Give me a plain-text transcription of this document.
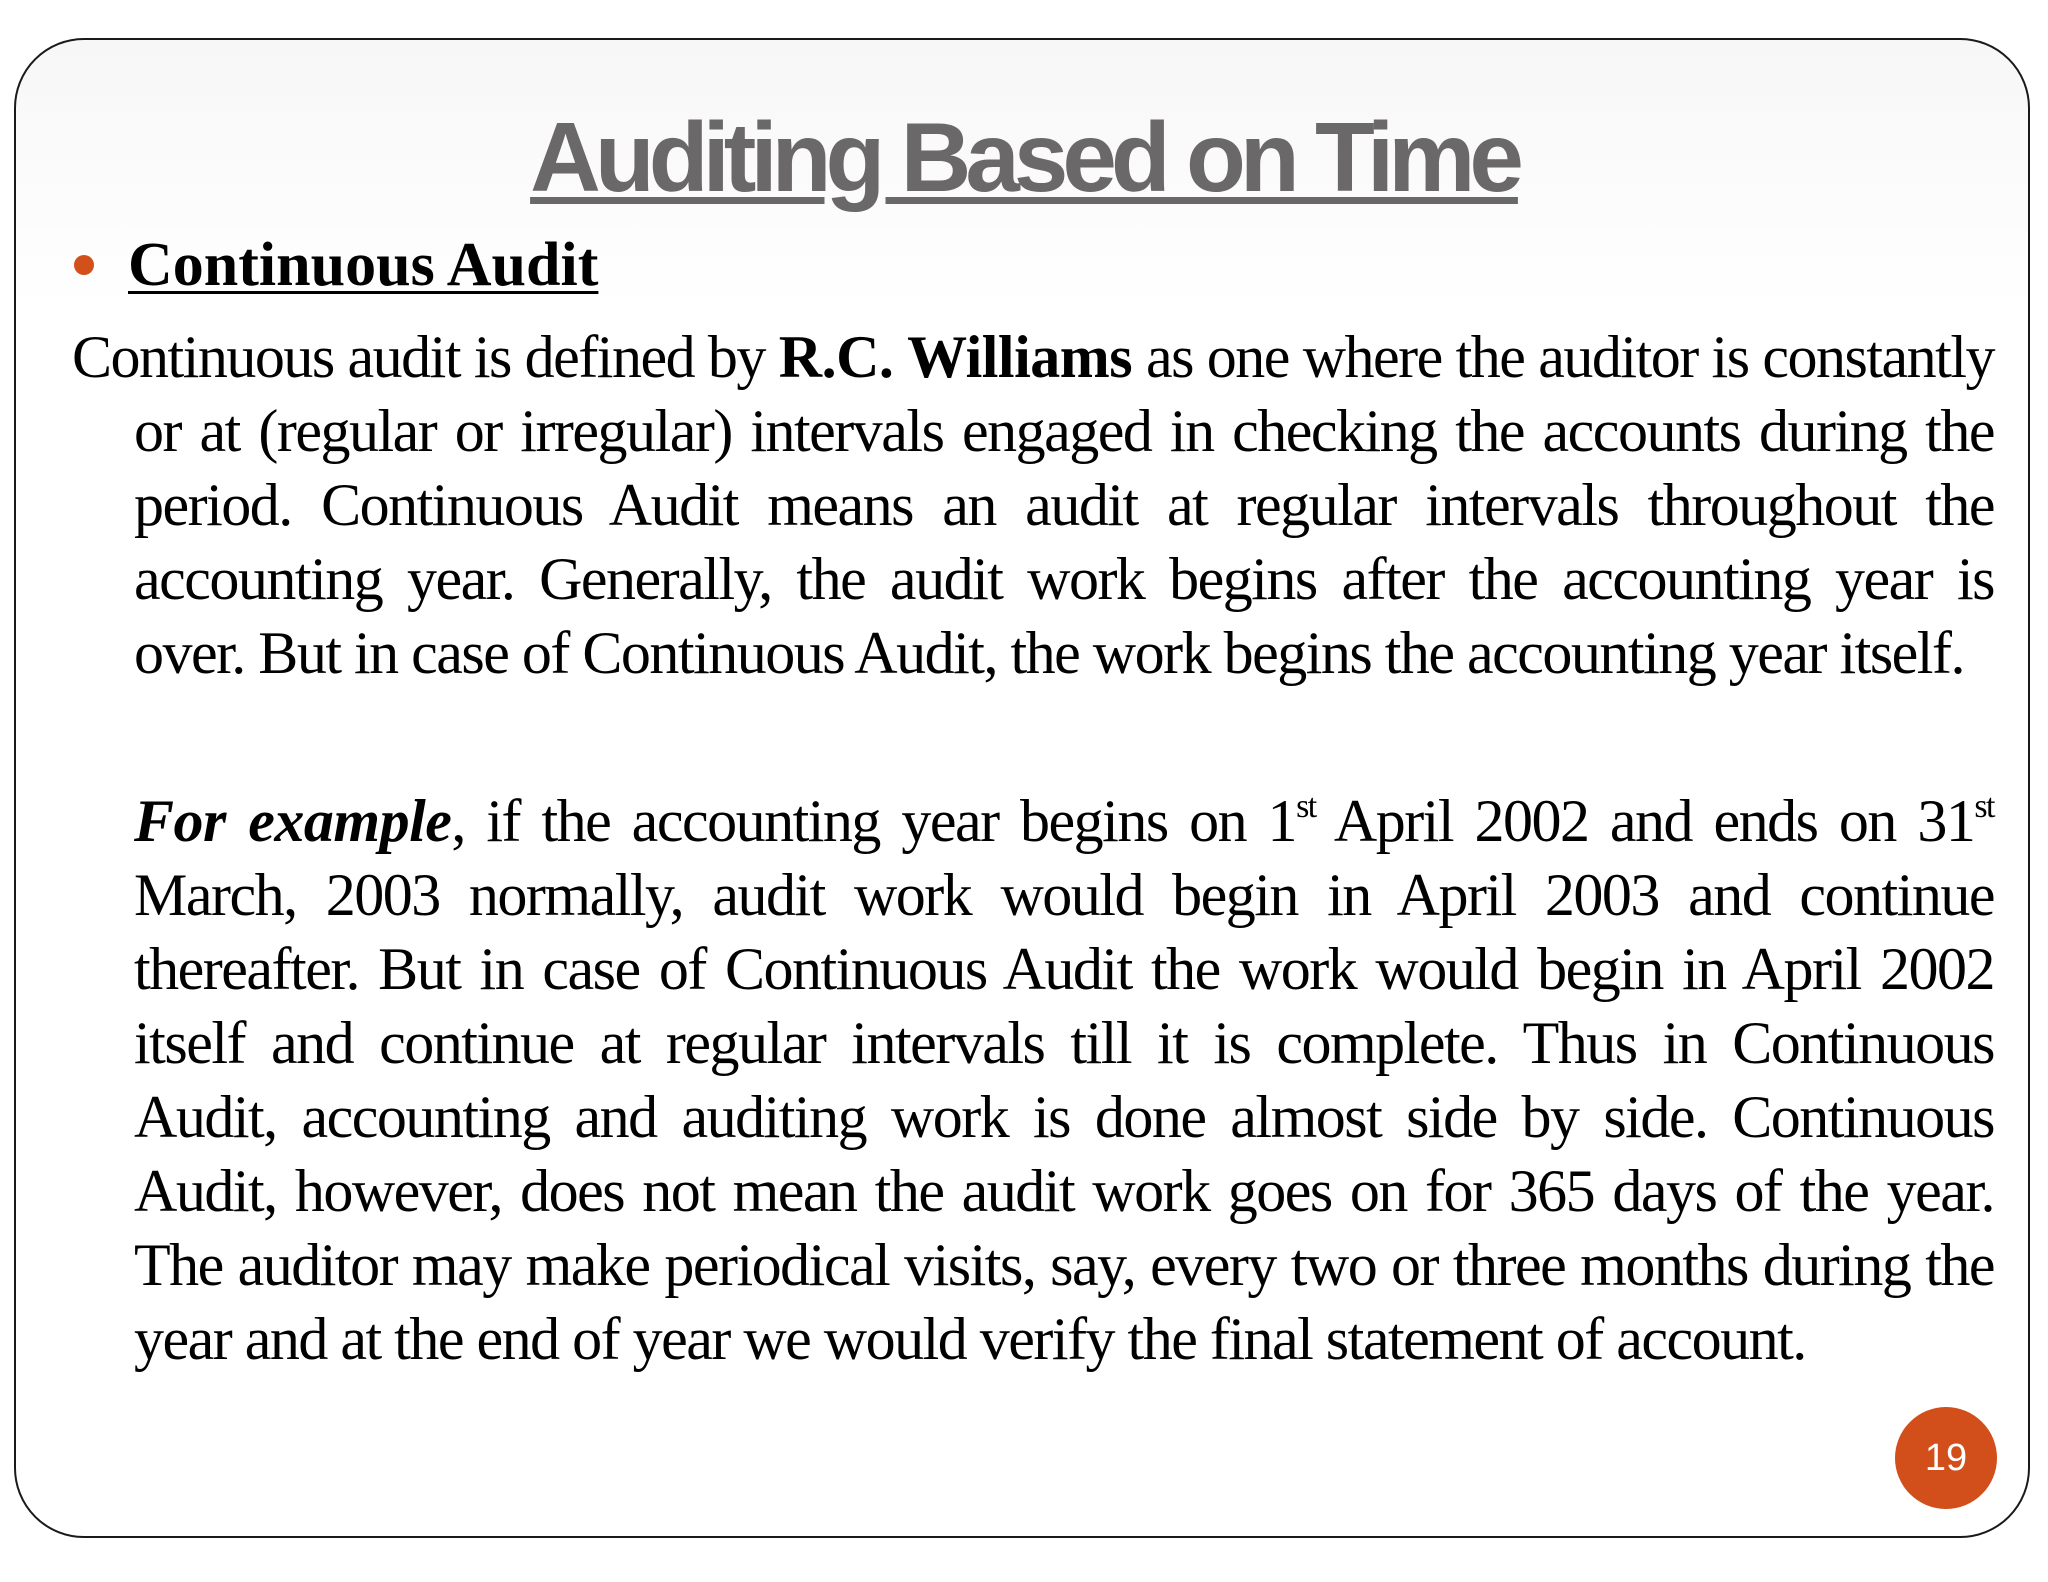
Auditing Based on Time
Continuous Audit

Continuous audit is defined by R.C. Williams as one where the auditor is constantly or at (regular or irregular) intervals engaged in checking the accounts during the period. Continuous Audit means an audit at regular intervals throughout the accounting year. Generally, the audit work begins after the accounting year is over. But in case of Continuous Audit, the work begins the accounting year itself.

For example, if the accounting year begins on 1st April 2002 and ends on 31st March, 2003 normally, audit work would begin in April 2003 and continue thereafter. But in case of Continuous Audit the work would begin in April 2002 itself and continue at regular intervals till it is complete. Thus in Continuous Audit, accounting and auditing work is done almost side by side. Continuous Audit, however, does not mean the audit work goes on for 365 days of the year. The auditor may make periodical visits, say, every two or three months during the year and at the end of year we would verify the final statement of account.

19
